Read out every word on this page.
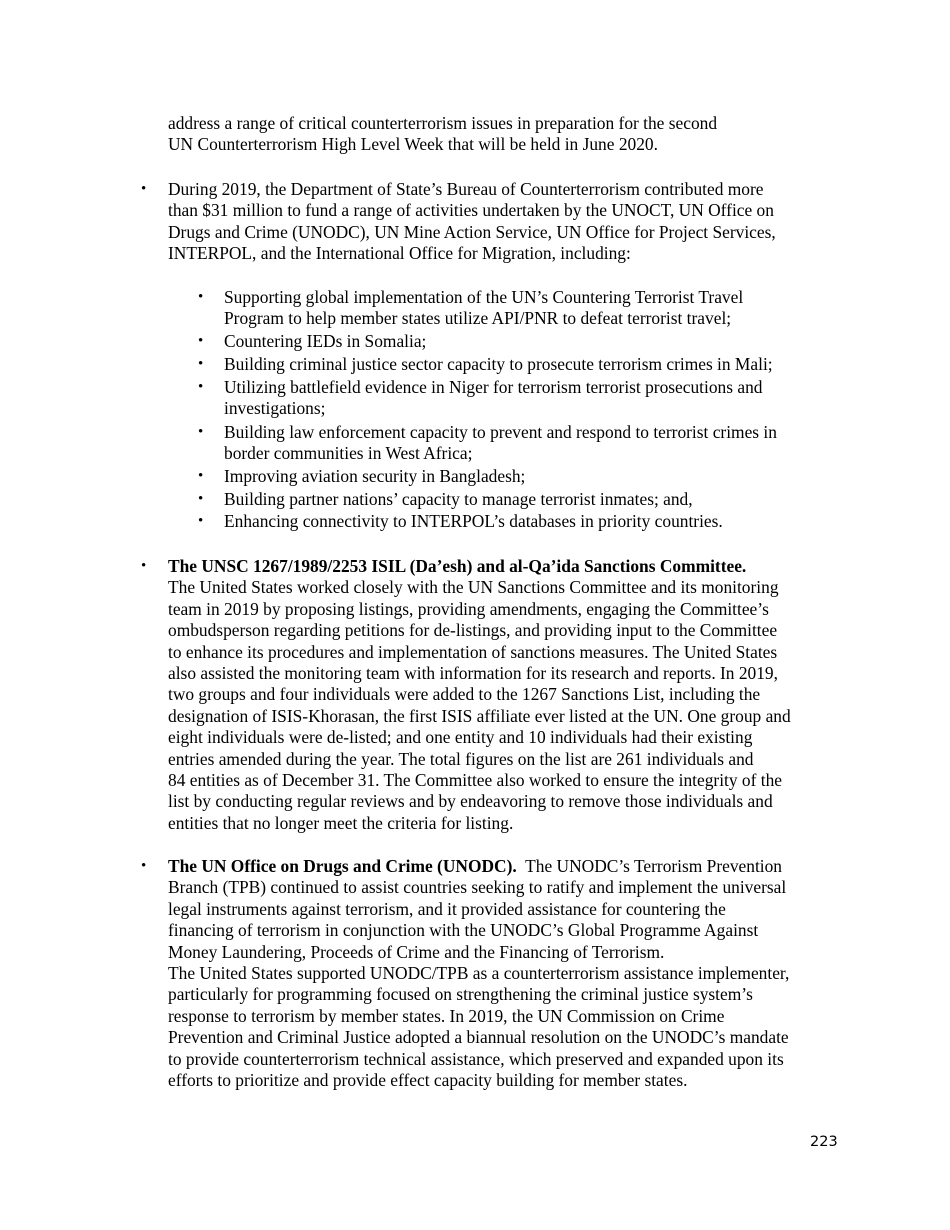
address a range of critical counterterrorism issues in preparation for the second
UN Counterterrorism High Level Week that will be held in June 2020.
• During 2019, the Department of State’s Bureau of Counterterrorism contributed more
than $31 million to fund a range of activities undertaken by the UNOCT, UN Office on
Drugs and Crime (UNODC), UN Mine Action Service, UN Office for Project Services,
INTERPOL, and the International Office for Migration, including:
• Supporting global implementation of the UN’s Countering Terrorist Travel
Program to help member states utilize API/PNR to defeat terrorist travel;
• Countering IEDs in Somalia;
• Building criminal justice sector capacity to prosecute terrorism crimes in Mali;
• Utilizing battlefield evidence in Niger for terrorism terrorist prosecutions and
investigations;
• Building law enforcement capacity to prevent and respond to terrorist crimes in
border communities in West Africa;
• Improving aviation security in Bangladesh;
• Building partner nations’ capacity to manage terrorist inmates; and,
• Enhancing connectivity to INTERPOL’s databases in priority countries.
• The UNSC 1267/1989/2253 ISIL (Da’esh) and al-Qa’ida Sanctions Committee.
The United States worked closely with the UN Sanctions Committee and its monitoring
team in 2019 by proposing listings, providing amendments, engaging the Committee’s
ombudsperson regarding petitions for de-listings, and providing input to the Committee
to enhance its procedures and implementation of sanctions measures. The United States
also assisted the monitoring team with information for its research and reports. In 2019,
two groups and four individuals were added to the 1267 Sanctions List, including the
designation of ISIS-Khorasan, the first ISIS affiliate ever listed at the UN. One group and
eight individuals were de-listed; and one entity and 10 individuals had their existing
entries amended during the year. The total figures on the list are 261 individuals and
84 entities as of December 31. The Committee also worked to ensure the integrity of the
list by conducting regular reviews and by endeavoring to remove those individuals and
entities that no longer meet the criteria for listing.
• The UN Office on Drugs and Crime (UNODC).  The UNODC’s Terrorism Prevention
Branch (TPB) continued to assist countries seeking to ratify and implement the universal
legal instruments against terrorism, and it provided assistance for countering the
financing of terrorism in conjunction with the UNODC’s Global Programme Against
Money Laundering, Proceeds of Crime and the Financing of Terrorism.
The United States supported UNODC/TPB as a counterterrorism assistance implementer,
particularly for programming focused on strengthening the criminal justice system’s
response to terrorism by member states. In 2019, the UN Commission on Crime
Prevention and Criminal Justice adopted a biannual resolution on the UNODC’s mandate
to provide counterterrorism technical assistance, which preserved and expanded upon its
efforts to prioritize and provide effect capacity building for member states.
223
